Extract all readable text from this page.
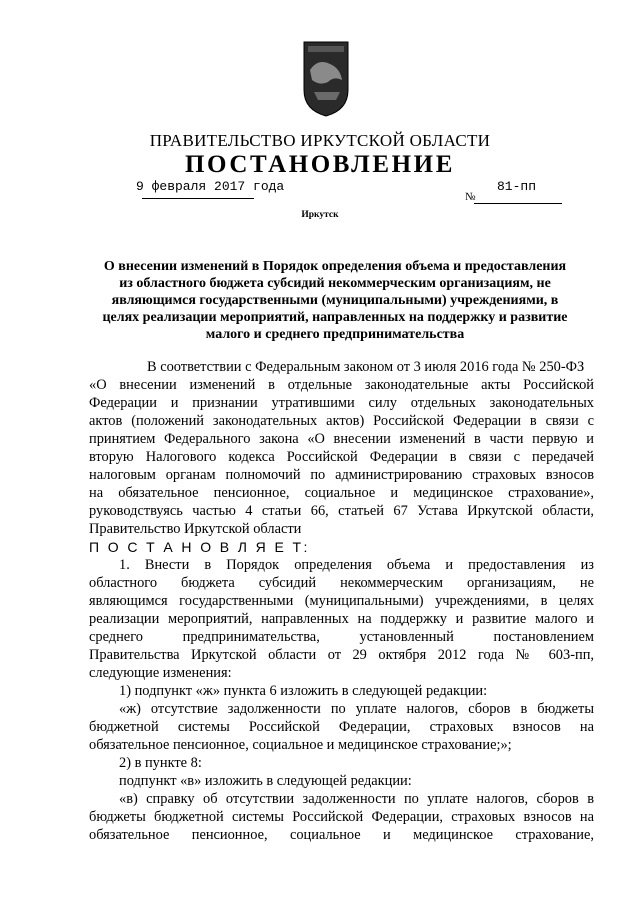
ПРАВИТЕЛЬСТВО ИРКУТСКОЙ ОБЛАСТИ
ПОСТАНОВЛЕНИЕ
9 февраля 2017 года
№
81-пп
Иркутск
О внесении изменений в Порядок определения объема и предоставления
из областного бюджета субсидий некоммерческим организациям, не
являющимся государственными (муниципальными) учреждениями, в
целях реализации мероприятий, направленных на поддержку и развитие
малого и среднего предпринимательства
В соответствии с Федеральным законом от 3 июля 2016 года № 250-ФЗ
«О внесении изменений в отдельные законодательные акты Российской
Федерации и признании утратившими силу отдельных законодательных
актов (положений законодательных актов) Российской Федерации в связи с
принятием Федерального закона «О внесении изменений в части первую и
вторую Налогового кодекса Российской Федерации в связи с передачей
налоговым органам полномочий по администрированию страховых взносов
на обязательное пенсионное, социальное и медицинское страхование»,
руководствуясь частью 4 статьи 66, статьей 67 Устава Иркутской области,
Правительство Иркутской области
П О С Т А Н О В Л Я Е Т:
1. Внести в Порядок определения объема и предоставления из
областного бюджета субсидий некоммерческим организациям, не
являющимся государственными (муниципальными) учреждениями, в целях
реализации мероприятий, направленных на поддержку и развитие малого и
среднего предпринимательства, установленный постановлением
Правительства Иркутской области от 29 октября 2012 года № 603-пп,
следующие изменения:
1) подпункт «ж» пункта 6 изложить в следующей редакции:
«ж) отсутствие задолженности по уплате налогов, сборов в бюджеты
бюджетной системы Российской Федерации, страховых взносов на
обязательное пенсионное, социальное и медицинское страхование;»;
2) в пункте 8:
подпункт «в» изложить в следующей редакции:
«в) справку об отсутствии задолженности по уплате налогов, сборов в
бюджеты бюджетной системы Российской Федерации, страховых взносов на
обязательное пенсионное, социальное и медицинское страхование,
